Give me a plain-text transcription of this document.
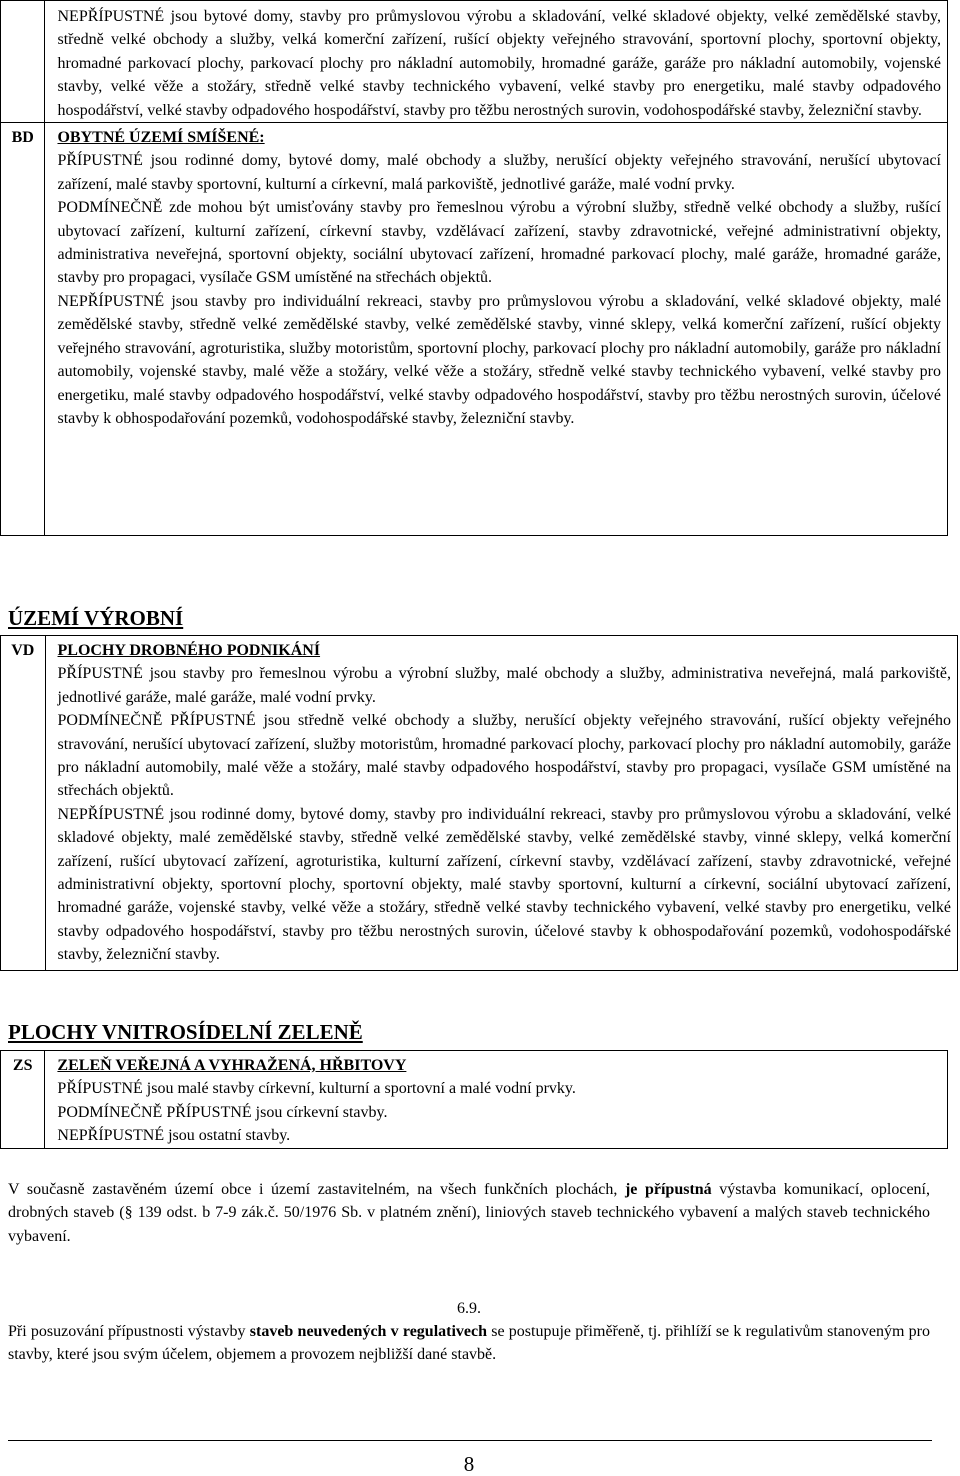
	NEPŘÍPUSTNÉ jsou bytové domy, stavby pro průmyslovou výrobu a skladování, velké skladové objekty, velké zemědělské stavby, středně velké obchody a služby, velká komerční zařízení, rušící objekty veřejného stravování, sportovní plochy, sportovní objekty, hromadné parkovací plochy, parkovací plochy pro nákladní automobily, hromadné garáže, garáže pro nákladní automobily, vojenské stavby, velké věže a stožáry, středně velké stavby technického vybavení, velké stavby pro energetiku, malé stavby odpadového hospodářství, velké stavby odpadového hospodářství, stavby pro těžbu nerostných surovin, vodohospodářské stavby, železniční stavby.

BD	OBYTNÉ ÚZEMÍ SMÍŠENÉ:

PŘÍPUSTNÉ jsou rodinné domy, bytové domy, malé obchody a služby, nerušící objekty veřejného stravování, nerušící ubytovací zařízení, malé stavby sportovní, kulturní a církevní, malá parkoviště, jednotlivé garáže, malé vodní prvky.

PODMÍNEČNĚ zde mohou být umisťovány stavby pro řemeslnou výrobu a výrobní služby, středně velké obchody a služby, rušící ubytovací zařízení, kulturní zařízení, církevní stavby, vzdělávací zařízení, stavby zdravotnické, veřejné administrativní objekty, administrativa neveřejná, sportovní objekty, sociální ubytovací zařízení, hromadné parkovací plochy, malé garáže, hromadné garáže, stavby pro propagaci, vysílače GSM umístěné na střechách objektů.

NEPŘÍPUSTNÉ jsou stavby pro individuální rekreaci, stavby pro průmyslovou výrobu a skladování, velké skladové objekty, malé zemědělské stavby, středně velké zemědělské stavby, velké zemědělské stavby, vinné sklepy, velká komerční zařízení, rušící objekty veřejného stravování, agroturistika, služby motoristům, sportovní plochy, parkovací plochy pro nákladní automobily, garáže pro nákladní automobily, vojenské stavby, malé věže a stožáry, velké věže a stožáry, středně velké stavby technického vybavení, velké stavby pro energetiku, malé stavby odpadového hospodářství, velké stavby odpadového hospodářství, stavby pro těžbu nerostných surovin, účelové stavby k obhospodařování pozemků, vodohospodářské stavby, železniční stavby.

ÚZEMÍ VÝROBNÍ
VD	PLOCHY DROBNÉHO PODNIKÁNÍ

PŘÍPUSTNÉ jsou stavby pro řemeslnou výrobu a výrobní služby, malé obchody a služby, administrativa neveřejná, malá parkoviště, jednotlivé garáže, malé garáže, malé vodní prvky.

PODMÍNEČNĚ PŘÍPUSTNÉ jsou středně velké obchody a služby, nerušící objekty veřejného stravování, rušící objekty veřejného stravování, nerušící ubytovací zařízení, služby motoristům, hromadné parkovací plochy, parkovací plochy pro nákladní automobily, garáže pro nákladní automobily, malé věže a stožáry, malé stavby odpadového hospodářství, stavby pro propagaci, vysílače GSM umístěné na střechách objektů.

NEPŘÍPUSTNÉ jsou rodinné domy, bytové domy, stavby pro individuální rekreaci, stavby pro průmyslovou výrobu a skladování, velké skladové objekty, malé zemědělské stavby, středně velké zemědělské stavby, velké zemědělské stavby, vinné sklepy, velká komerční zařízení, rušící ubytovací zařízení, agroturistika, kulturní zařízení, církevní stavby, vzdělávací zařízení, stavby zdravotnické, veřejné administrativní objekty, sportovní plochy, sportovní objekty, malé stavby sportovní, kulturní a církevní, sociální ubytovací zařízení, hromadné garáže, vojenské stavby, velké věže a stožáry, středně velké stavby technického vybavení, velké stavby pro energetiku, velké stavby odpadového hospodářství, stavby pro těžbu nerostných surovin, účelové stavby k obhospodařování pozemků, vodohospodářské stavby, železniční stavby.

PLOCHY VNITROSÍDELNÍ ZELENĚ
ZS	ZELEŇ VEŘEJNÁ A VYHRAŽENÁ, HŘBITOVY

PŘÍPUSTNÉ jsou malé stavby církevní, kulturní a sportovní a malé vodní prvky.

PODMÍNEČNĚ PŘÍPUSTNÉ jsou církevní stavby.

NEPŘÍPUSTNÉ jsou ostatní stavby.

V současně zastavěném území obce i území zastavitelném, na všech funkčních plochách, je přípustná výstavba komunikací, oplocení, drobných staveb (§ 139 odst. b 7-9 zák.č. 50/1976 Sb. v platném znění), liniových staveb technického vybavení a malých staveb technického vybavení.

6.9.

Při posuzování přípustnosti výstavby staveb neuvedených v regulativech se postupuje přiměřeně, tj. přihlíží se k regulativům stanoveným pro stavby, které jsou svým účelem, objemem a provozem nejbližší dané stavbě.

8
